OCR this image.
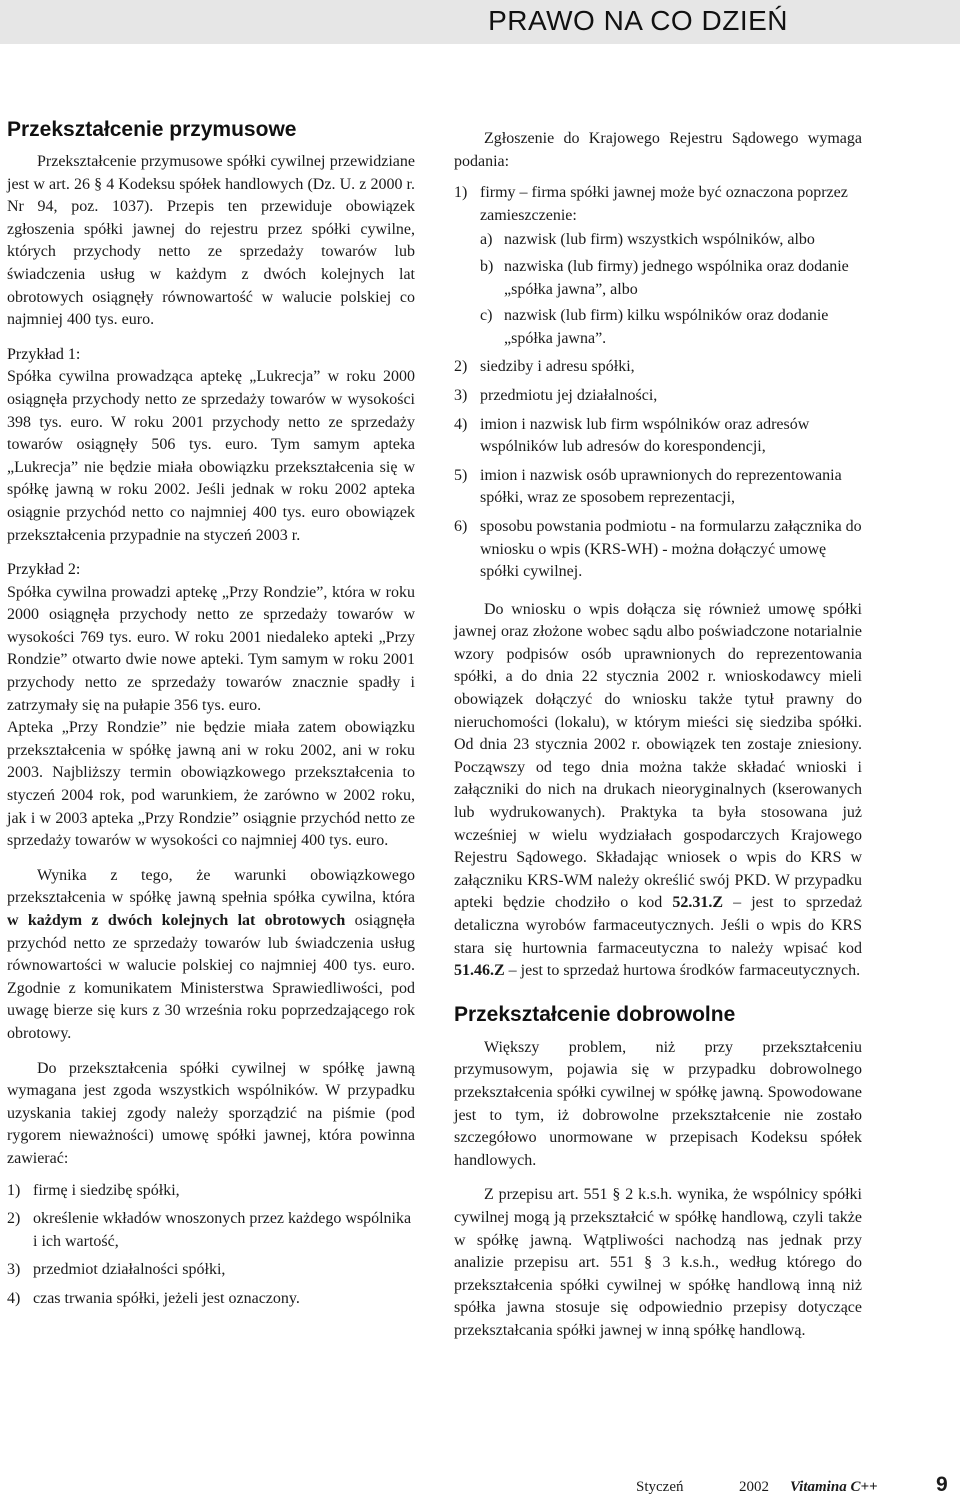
PRAWO NA CO DZIEŃ
Przekształcenie przymusowe

Przekształcenie przymusowe spółki cywilnej przewidziane jest w art. 26 § 4 Kodeksu spółek handlowych (Dz. U. z 2000 r. Nr 94, poz. 1037). Przepis ten przewiduje obowiązek zgłoszenia spółki jawnej do rejestru przez spółki cywilne, których przychody netto ze sprzedaży towarów lub świadczenia usług w każdym z dwóch kolejnych lat obrotowych osiągnęły równowartość w walucie polskiej co najmniej 400 tys. euro.

Przykład 1:

Spółka cywilna prowadząca aptekę „Lukrecja” w roku 2000 osiągnęła przychody netto ze sprzedaży towarów w wysokości 398 tys. euro. W roku 2001 przychody netto ze sprzedaży towarów osiągnęły 506 tys. euro. Tym samym apteka „Lukrecja” nie będzie miała obowiązku przekształcenia się w spółkę jawną w roku 2002. Jeśli jednak w roku 2002 apteka osiągnie przychód netto co najmniej 400 tys. euro obowiązek przekształcenia przypadnie na styczeń 2003 r.

Przykład 2:

Spółka cywilna prowadzi aptekę „Przy Rondzie”, która w roku 2000 osiągnęła przychody netto ze sprzedaży towarów w wysokości 769 tys. euro. W roku 2001 niedaleko apteki „Przy Rondzie” otwarto dwie nowe apteki. Tym samym w roku 2001 przychody netto ze sprzedaży towarów znacznie spadły i zatrzymały się na pułapie 356 tys. euro.

Apteka „Przy Rondzie” nie będzie miała zatem obowiązku przekształcenia w spółkę jawną ani w roku 2002, ani w roku 2003. Najbliższy termin obowiązkowego przekształcenia to styczeń 2004 rok, pod warunkiem, że zarówno w 2002 roku, jak i w 2003 apteka „Przy Rondzie” osiągnie przychód netto ze sprzedaży towarów w wysokości co najmniej 400 tys. euro.

Wynika z tego, że warunki obowiązkowego przekształcenia w spółkę jawną spełnia spółka cywilna, która w każdym z dwóch kolejnych lat obrotowych osiągnęła przychód netto ze sprzedaży towarów lub świadczenia usług równowartości w walucie polskiej co najmniej 400 tys. euro. Zgodnie z komunikatem Ministerstwa Sprawiedliwości, pod uwagę bierze się kurs z 30 września roku poprzedzającego rok obrotowy.

Do przekształcenia spółki cywilnej w spółkę jawną wymagana jest zgoda wszystkich wspólników. W przypadku uzyskania takiej zgody należy sporządzić na piśmie (pod rygorem nieważności) umowę spółki jawnej, która powinna zawierać:

1) firmę i siedzibę spółki,
2) określenie wkładów wnoszonych przez każdego wspólnika i ich wartość,
3) przedmiot działalności spółki,
4) czas trwania spółki, jeżeli jest oznaczony.

Zgłoszenie do Krajowego Rejestru Sądowego wymaga podania:

1) firmy – firma spółki jawnej może być oznaczona poprzez zamieszczenie:
a) nazwisk (lub firm) wszystkich wspólników, albo
b) nazwiska (lub firmy) jednego wspólnika oraz dodanie „spółka jawna”, albo
c) nazwisk (lub firm) kilku wspólników oraz dodanie „spółka jawna”.
2) siedziby i adresu spółki,
3) przedmiotu jej działalności,
4) imion i nazwisk lub firm wspólników oraz adresów wspólników lub adresów do korespondencji,
5) imion i nazwisk osób uprawnionych do reprezentowania spółki, wraz ze sposobem reprezentacji,
6) sposobu powstania podmiotu - na formularzu załącznika do wniosku o wpis (KRS-WH) - można dołączyć umowę spółki cywilnej.

Do wniosku o wpis dołącza się również umowę spółki jawnej oraz złożone wobec sądu albo poświadczone notarialnie wzory podpisów osób uprawnionych do reprezentowania spółki, a do dnia 22 stycznia 2002 r. wnioskodawcy mieli obowiązek dołączyć do wniosku także tytuł prawny do nieruchomości (lokalu), w którym mieści się siedziba spółki. Od dnia 23 stycznia 2002 r. obowiązek ten zostaje zniesiony. Począwszy od tego dnia można także składać wnioski i załączniki do nich na drukach nieoryginalnych (kserowanych lub wydrukowanych). Praktyka ta była stosowana już wcześniej w wielu wydziałach gospodarczych Krajowego Rejestru Sądowego. Składając wniosek o wpis do KRS w załączniku KRS-WM należy określić swój PKD. W przypadku apteki będzie chodziło o kod 52.31.Z – jest to sprzedaż detaliczna wyrobów farmaceutycznych. Jeśli o wpis do KRS stara się hurtownia farmaceutyczna to należy wpisać kod 51.46.Z – jest to sprzedaż hurtowa środków farmaceutycznych.

Przekształcenie dobrowolne

Większy problem, niż przy przekształceniu przymusowym, pojawia się w przypadku dobrowolnego przekształcenia spółki cywilnej w spółkę jawną. Spowodowane jest to tym, iż dobrowolne przekształcenie nie zostało szczegółowo unormowane w przepisach Kodeksu spółek handlowych.

Z przepisu art. 551 § 2 k.s.h. wynika, że wspólnicy spółki cywilnej mogą ją przekształcić w spółkę handlową, czyli także w spółkę jawną. Wątpliwości nachodzą nas jednak przy analizie przepisu art. 551 § 3 k.s.h., według którego do przekształcenia spółki cywilnej w spółkę handlową inną niż spółka jawna stosuje się odpowiednio przepisy dotyczące przekształcania spółki jawnej w inną spółkę handlową.

Styczeń	2002 Vitamina C++	9
